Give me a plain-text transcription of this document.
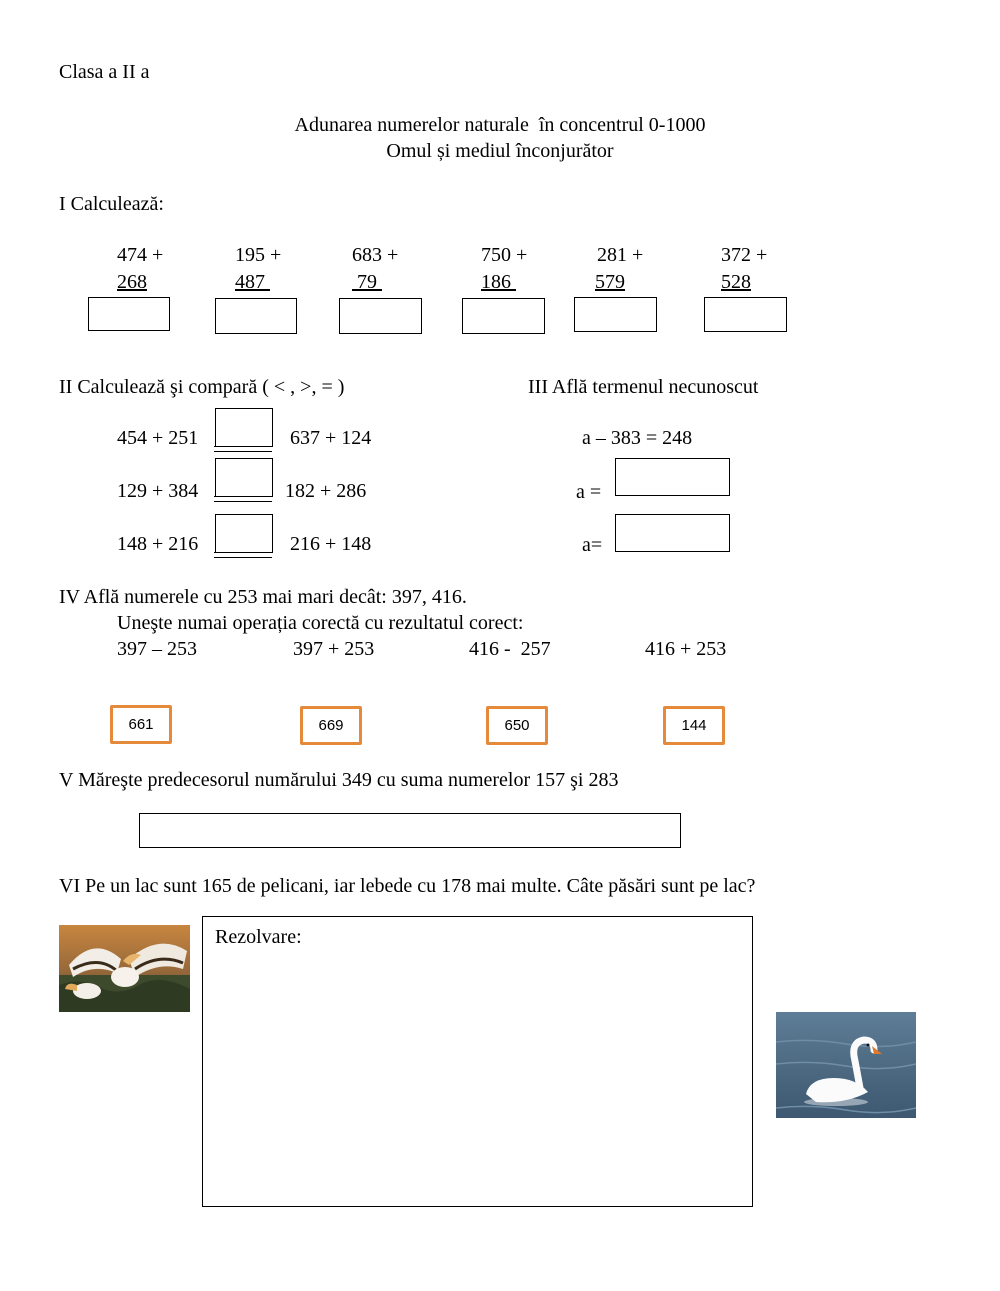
Clasa a II a
Adunarea numerelor naturale  în concentrul 0-1000
Omul și mediul înconjurător
I Calculează:
474 +
268
195 +
487
683 +
79
750 +
186
281 +
579
372 +
528
II Calculează şi compară ( < , >, = )
454 + 251	637 + 124
129 + 384	182 + 286
148 + 216	216 + 148
III Află termenul necunoscut
a – 383 = 248
a =
a=
IV Află numerele cu 253 mai mari decât: 397, 416.
Uneşte numai operația corectă cu rezultatul corect:
397 – 253	397 + 253	416 -  257	416 + 253
661	669	650	144
V Măreşte predecesorul numărului 349 cu suma numerelor 157 şi 283
VI Pe un lac sunt 165 de pelicani, iar lebede cu 178 mai multe. Câte păsări sunt pe lac?
Rezolvare:
